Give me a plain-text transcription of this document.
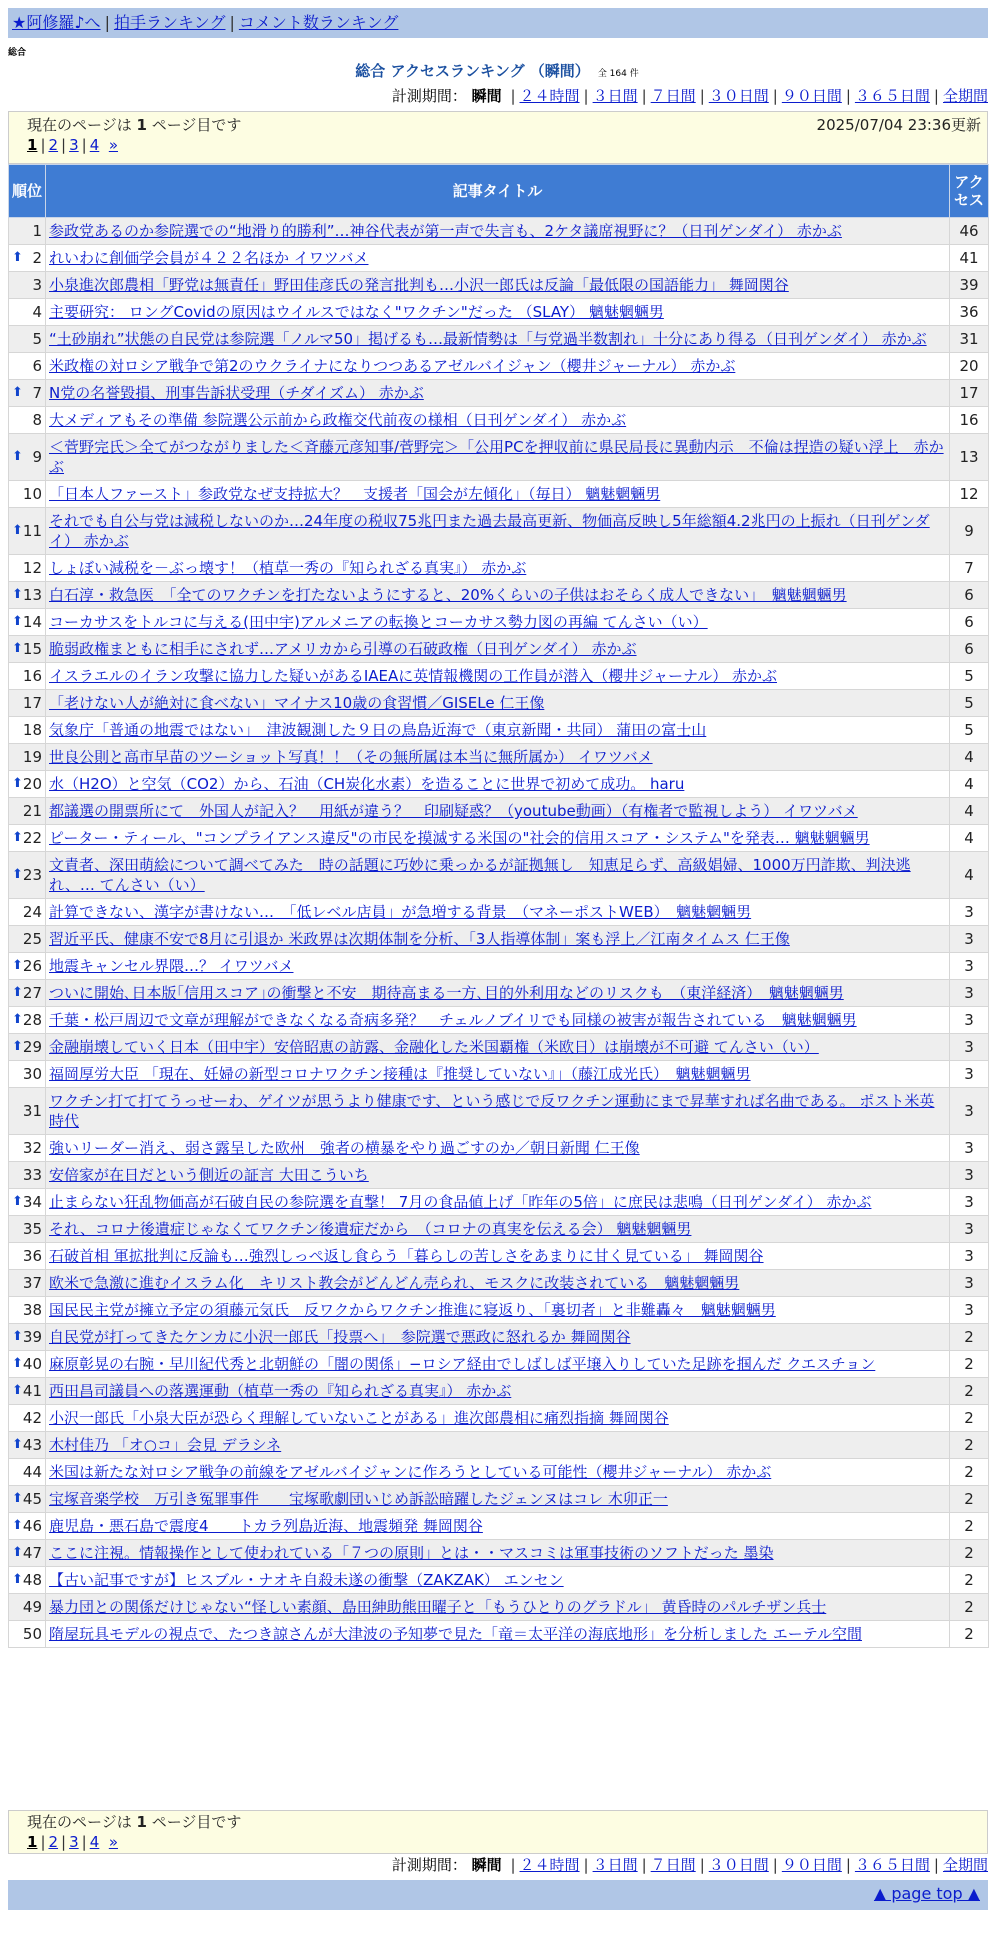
★阿修羅♪へ | 拍手ランキング | コメント数ランキング
総合
総合 アクセスランキング （瞬間） 全 164 件
計測期間： 瞬間 | ２４時間 | ３日間 | ７日間 | ３０日間 | ９０日間 | ３６５日間 | 全期間
現在のページは 1 ページ目です	2025/07/04 23:36更新
1 | 2 | 3 | 4 »
順位	記事タイトル	アクセス
1	参政党あるのか参院選での“地滑り的勝利”…神谷代表が第一声で失言も、2ケタ議席視野に？（日刊ゲンダイ） 赤かぶ	46

⬆ 2	れいわに創価学会員が４２２名ほか イワツバメ	41
3	小泉進次郎農相「野党は無責任」野田佳彦氏の発言批判も…小沢一郎氏は反論「最低限の国語能力」 舞岡関谷	39
4	主要研究： ロングCovidの原因はウイルスではなく"ワクチン"だった （SLAY） 魑魅魍魎男	36
5	“土砂崩れ”状態の自民党は参院選「ノルマ50」掲げるも…最新情勢は「与党過半数割れ」十分にあり得る（日刊ゲンダイ） 赤かぶ	31
6	米政権の対ロシア戦争で第2のウクライナになりつつあるアゼルバイジャン（櫻井ジャーナル） 赤かぶ	20

⬆ 7	N党の名誉毀損、刑事告訴状受理（チダイズム） 赤かぶ	17
8	大メディアもその準備 参院選公示前から政権交代前夜の様相（日刊ゲンダイ） 赤かぶ	16

⬆ 9	＜菅野完氏＞全てがつながりました＜斉藤元彦知事/菅野完＞「公用PCを押収前に県民局長に異動内示　不倫は捏造の疑い浮上　赤かぶ	13
10	「日本人ファースト」参政党なぜ支持拡大？　支援者「国会が左傾化」（毎日） 魑魅魍魎男	12

⬆ 11	それでも自公与党は減税しないのか…24年度の税収75兆円また過去最高更新、物価高反映し5年総額4.2兆円の上振れ（日刊ゲンダイ） 赤かぶ	9
12	しょぼい減税を－ぶっ壊す！（植草一秀の『知られざる真実』） 赤かぶ	7

⬆ 13	白石淳・救急医　「全てのワクチンを打たないようにすると、20%くらいの子供はおそらく成人できない」　魑魅魍魎男	6

⬆ 14	コーカサスをトルコに与える(田中宇)アルメニアの転換とコーカサス勢力図の再編 てんさい（い）	6

⬆ 15	脆弱政権まともに相手にされず…アメリカから引導の石破政権（日刊ゲンダイ） 赤かぶ	6
16	イスラエルのイラン攻撃に協力した疑いがあるIAEAに英情報機関の工作員が潜入（櫻井ジャーナル） 赤かぶ	5
17	「老けない人が絶対に食べない」マイナス10歳の食習慣／GISELe 仁王像	5
18	気象庁「普通の地震ではない」　津波観測した９日の鳥島近海で（東京新聞・共同） 蒲田の富士山	5
19	世良公則と高市早苗のツーショット写真！！（その無所属は本当に無所属か） イワツバメ	4

⬆ 20	水（H2O）と空気（CO2）から、石油（CH炭化水素）を造ることに世界で初めて成功。 haru	4
21	都議選の開票所にて　外国人が記入？　用紙が違う？　印刷疑惑？（youtube動画）（有権者で監視しよう） イワツバメ	4

⬆ 22	ピーター・ティール、"コンプライアンス違反"の市民を摸滅する米国の"社会的信用スコア・システム"を発表… 魑魅魍魎男	4

⬆ 23	文責者、深田萌絵について調べてみた　時の話題に巧妙に乗っかるが証拠無し　知恵足らず、高級娼婦、1000万円詐欺、判決逃れ、… てんさい（い）	4
24	計算できない、漢字が書けない…　「低レベル店員」が急増する背景　（マネーポストWEB）　魑魅魍魎男	3
25	習近平氏、健康不安で8月に引退か 米政界は次期体制を分析、「3人指導体制」案も浮上／江南タイムス 仁王像	3

⬆ 26	地震キャンセル界隈…？ イワツバメ	3

⬆ 27	ついに開始､日本版｢信用スコア｣の衝撃と不安　期待高まる一方､目的外利用などのリスクも　（東洋経済）　魑魅魍魎男	3

⬆ 28	千葉・松戸周辺で文章が理解ができなくなる奇病多発？　チェルノブイリでも同様の被害が報告されている　魑魅魍魎男	3

⬆ 29	金融崩壊していく日本（田中宇）安倍昭恵の訪露、金融化した米国覇権（米欧日）は崩壊が不可避 てんさい（い）	3
30	福岡厚労大臣 「現在、妊婦の新型コロナワクチン接種は『推奨していない』」（藤江成光氏）　魑魅魍魎男	3
31	ワクチン打て打てうっせーわ、ゲイツが思うより健康です、という感じで反ワクチン運動にまで昇華すれば名曲である。 ポスト米英時代	3
32	強いリーダー消え、弱さ露呈した欧州　強者の横暴をやり過ごすのか／朝日新聞 仁王像	3
33	安倍家が在日だという側近の証言 大田こういち	3

⬆ 34	止まらない狂乱物価高が石破自民の参院選を直撃！ 7月の食品値上げ「昨年の5倍」に庶民は悲鳴（日刊ゲンダイ） 赤かぶ	3
35	それ、コロナ後遺症じゃなくてワクチン後遺症だから　（コロナの真実を伝える会） 魑魅魍魎男	3
36	石破首相 軍拡批判に反論も…強烈しっぺ返し食らう「暮らしの苦しさをあまりに甘く見ている」 舞岡関谷	3
37	欧米で急激に進むイスラム化　キリスト教会がどんどん売られ、モスクに改装されている　魑魅魍魎男	3
38	国民民主党が擁立予定の須藤元気氏　反ワクからワクチン推進に寝返り、「裏切者」と非難轟々　魑魅魍魎男	3

⬆ 39	自民党が打ってきたケンカに小沢一郎氏「投票へ」　参院選で悪政に怒れるか 舞岡関谷	2

⬆ 40	麻原彰晃の右腕・早川紀代秀と北朝鮮の「闇の関係」−ロシア経由でしばしば平壌入りしていた足跡を掴んだ クエスチョン	2

⬆ 41	西田昌司議員への落選運動（植草一秀の『知られざる真実』） 赤かぶ	2
42	小沢一郎氏「小泉大臣が恐らく理解していないことがある」進次郎農相に痛烈指摘 舞岡関谷	2

⬆ 43	木村佳乃 「オ○コ」会見 デラシネ	2
44	米国は新たな対ロシア戦争の前線をアゼルバイジャンに作ろうとしている可能性（櫻井ジャーナル） 赤かぶ	2

⬆ 45	宝塚音楽学校　万引き冤罪事件　　宝塚歌劇団いじめ訴訟暗躍したジェンヌはコレ 木卯正一	2

⬆ 46	鹿児島・悪石島で震度4　　トカラ列島近海、地震頻発 舞岡関谷	2

⬆ 47	ここに注視。情報操作として使われている「７つの原則」とは・・マスコミは軍事技術のソフトだった 墨染	2

⬆ 48	【古い記事ですが】ヒスブル・ナオキ自殺未遂の衝撃（ZAKZAK） エンセン	2
49	暴力団との関係だけじゃない“怪しい素顔、島田紳助熊田曜子と「もうひとりのグラドル」 黄昏時のパルチザン兵士	2
50	隋屋玩具モデルの視点で、たつき諒さんが大津波の予知夢で見た「竜＝太平洋の海底地形」を分析しました エーテル空間	2
現在のページは 1 ページ目です
1 | 2 | 3 | 4 »
計測期間： 瞬間 | ２４時間 | ３日間 | ７日間 | ３０日間 | ９０日間 | ３６５日間 | 全期間
▲ page top ▲
